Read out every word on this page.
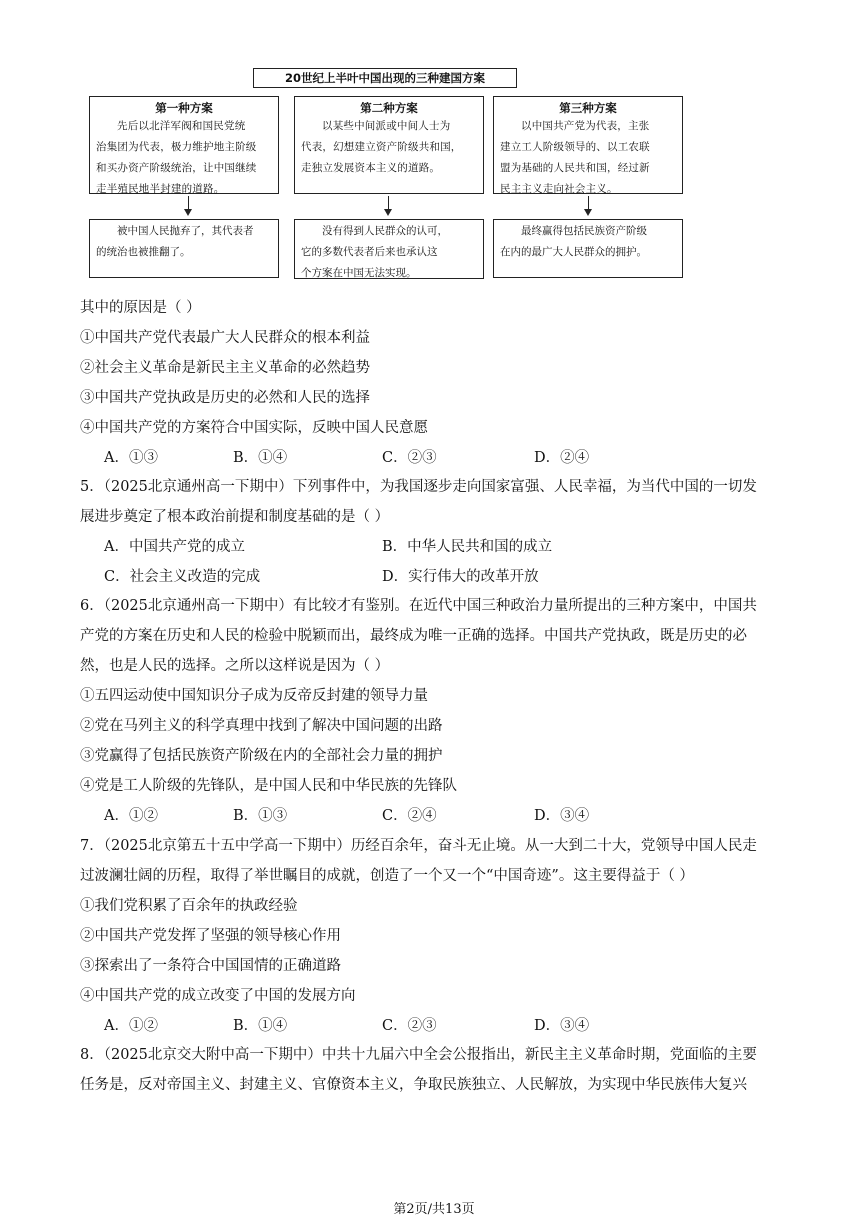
20世纪上半叶中国出现的三种建国方案
第一种方案
先后以北洋军阀和国民党统
治集团为代表，极力维护地主阶级
和买办资产阶级统治，让中国继续
走半殖民地半封建的道路。
第二种方案
以某些中间派或中间人士为
代表，幻想建立资产阶级共和国，
走独立发展资本主义的道路。
第三种方案
以中国共产党为代表，主张
建立工人阶级领导的、以工农联
盟为基础的人民共和国，经过新
民主主义走向社会主义。
被中国人民抛弃了，其代表者
的统治也被推翻了。
没有得到人民群众的认可，
它的多数代表者后来也承认这
个方案在中国无法实现。
最终赢得包括民族资产阶级
在内的最广大人民群众的拥护。
其中的原因是（ ）
①中国共产党代表最广大人民群众的根本利益
②社会主义革命是新民主主义革命的必然趋势
③中国共产党执政是历史的必然和人民的选择
④中国共产党的方案符合中国实际，反映中国人民意愿
A．①③	B．①④	C．②③	D．②④
5．（2025北京通州高一下期中）下列事件中，为我国逐步走向国家富强、人民幸福，为当代中国的一切发
展进步奠定了根本政治前提和制度基础的是（ ）
A．中国共产党的成立	B．中华人民共和国的成立
C．社会主义改造的完成	D．实行伟大的改革开放
6．（2025北京通州高一下期中）有比较才有鉴别。在近代中国三种政治力量所提出的三种方案中，中国共
产党的方案在历史和人民的检验中脱颖而出，最终成为唯一正确的选择。中国共产党执政，既是历史的必
然，也是人民的选择。之所以这样说是因为（ ）
①五四运动使中国知识分子成为反帝反封建的领导力量
②党在马列主义的科学真理中找到了解决中国问题的出路
③党赢得了包括民族资产阶级在内的全部社会力量的拥护
④党是工人阶级的先锋队，是中国人民和中华民族的先锋队
A．①②	B．①③	C．②④	D．③④
7．（2025北京第五十五中学高一下期中）历经百余年，奋斗无止境。从一大到二十大，党领导中国人民走
过波澜壮阔的历程，取得了举世瞩目的成就，创造了一个又一个“中国奇迹”。这主要得益于（ ）
①我们党积累了百余年的执政经验
②中国共产党发挥了坚强的领导核心作用
③探索出了一条符合中国国情的正确道路
④中国共产党的成立改变了中国的发展方向
A．①②	B．①④	C．②③	D．③④
8．（2025北京交大附中高一下期中）中共十九届六中全会公报指出，新民主主义革命时期，党面临的主要
任务是，反对帝国主义、封建主义、官僚资本主义，争取民族独立、人民解放，为实现中华民族伟大复兴
第2页/共13页
